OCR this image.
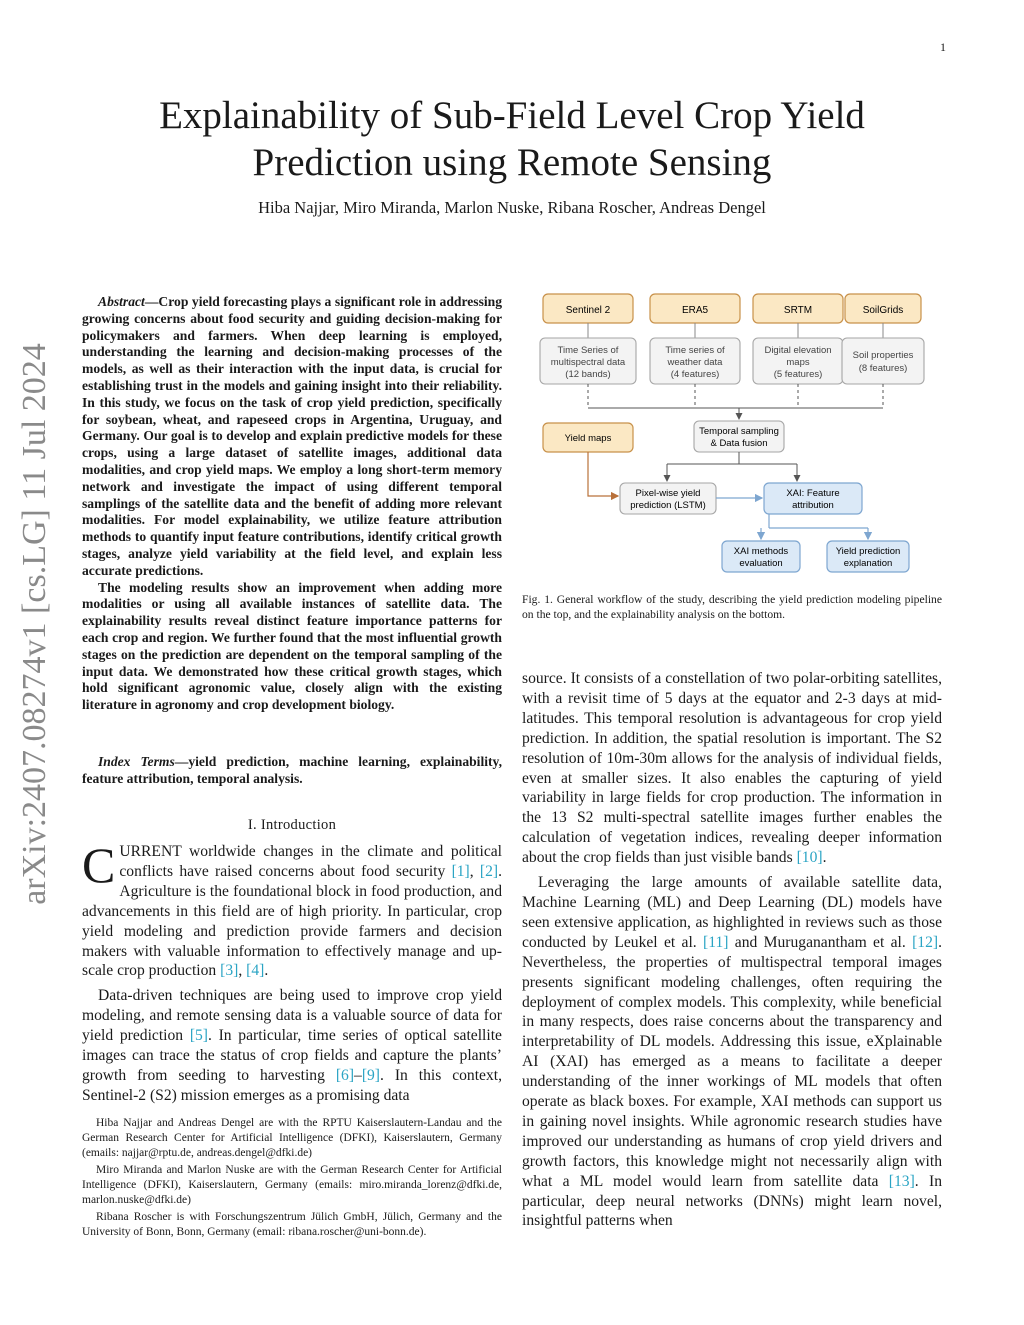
1
arXiv:2407.08274v1 [cs.LG] 11 Jul 2024
Explainability of Sub-Field Level Crop Yield
Prediction using Remote Sensing
Hiba Najjar, Miro Miranda, Marlon Nuske, Ribana Roscher, Andreas Dengel

Abstract—Crop yield forecasting plays a significant role in addressing growing concerns about food security and guiding decision-making for policymakers and farmers. When deep learning is employed, understanding the learning and decision-making processes of the models, as well as their interaction with the input data, is crucial for establishing trust in the models and gaining insight into their reliability. In this study, we focus on the task of crop yield prediction, specifically for soybean, wheat, and rapeseed crops in Argentina, Uruguay, and Germany. Our goal is to develop and explain predictive models for these crops, using a large dataset of satellite images, additional data modalities, and crop yield maps. We employ a long short-term memory network and investigate the impact of using different temporal samplings of the satellite data and the benefit of adding more relevant modalities. For model explainability, we utilize feature attribution methods to quantify input feature contributions, identify critical growth stages, analyze yield variability at the field level, and explain less accurate predictions.

The modeling results show an improvement when adding more modalities or using all available instances of satellite data. The explainability results reveal distinct feature importance patterns for each crop and region. We further found that the most influential growth stages on the prediction are dependent on the temporal sampling of the input data. We demonstrated how these critical growth stages, which hold significant agronomic value, closely align with the existing literature in agronomy and crop development biology.

Index Terms—yield prediction, machine learning, explainability, feature attribution, temporal analysis.
I. Introduction

CURRENT worldwide changes in the climate and political conflicts have raised concerns about food security [1], [2]. Agriculture is the foundational block in food production, and advancements in this field are of high priority. In particular, crop yield modeling and prediction provide farmers and decision makers with valuable information to effectively manage and up-scale crop production [3], [4].

Data-driven techniques are being used to improve crop yield modeling, and remote sensing data is a valuable source of data for yield prediction [5]. In particular, time series of optical satellite images can trace the status of crop fields and capture the plants’ growth from seeding to harvesting [6]–[9]. In this context, Sentinel-2 (S2) mission emerges as a promising data

Hiba Najjar and Andreas Dengel are with the RPTU Kaiserslautern-Landau and the German Research Center for Artificial Intelligence (DFKI), Kaiserslautern, Germany (emails: najjar@rptu.de, andreas.dengel@dfki.de)

Miro Miranda and Marlon Nuske are with the German Research Center for Artificial Intelligence (DFKI), Kaiserslautern, Germany (emails: miro.miranda_lorenz@dfki.de, marlon.nuske@dfki.de)

Ribana Roscher is with Forschungszentrum Jülich GmbH, Jülich, Germany and the University of Bonn, Bonn, Germany (email: ribana.roscher@uni-bonn.de).

Sentinel 2	ERA5	SRTM	SoilGrids
Time Series of
multispectral data
(12 bands)
Time series of
weather data
(4 features)
Digital elevation
maps
(5 features)
Soil properties
(8 features)
Yield maps
Temporal sampling
& Data fusion
Pixel-wise yield
prediction (LSTM)
XAI: Feature
attribution
XAI methods
evaluation
Yield prediction
explanation
Fig. 1. General workflow of the study, describing the yield prediction modeling pipeline on the top, and the explainability analysis on the bottom.

source. It consists of a constellation of two polar-orbiting satellites, with a revisit time of 5 days at the equator and 2-3 days at mid-latitudes. This temporal resolution is advantageous for crop yield prediction. In addition, the spatial resolution is important. The S2 resolution of 10m-30m allows for the analysis of individual fields, even at smaller sizes. It also enables the capturing of yield variability in large fields for crop production. The information in the 13 S2 multi-spectral satellite images further enables the calculation of vegetation indices, revealing deeper information about the crop fields than just visible bands [10].

Leveraging the large amounts of available satellite data, Machine Learning (ML) and Deep Learning (DL) models have seen extensive application, as highlighted in reviews such as those conducted by Leukel et al. [11] and Muruganantham et al. [12]. Nevertheless, the properties of multispectral temporal images presents significant modeling challenges, often requiring the deployment of complex models. This complexity, while beneficial in many respects, does raise concerns about the transparency and interpretability of DL models. Addressing this issue, eXplainable AI (XAI) has emerged as a means to facilitate a deeper understanding of the inner workings of ML models that often operate as black boxes. For example, XAI methods can support us in gaining novel insights. While agronomic research studies have improved our understanding as humans of crop yield drivers and growth factors, this knowledge might not necessarily align with what a ML model would learn from satellite data [13]. In particular, deep neural networks (DNNs) might learn novel, insightful patterns when
